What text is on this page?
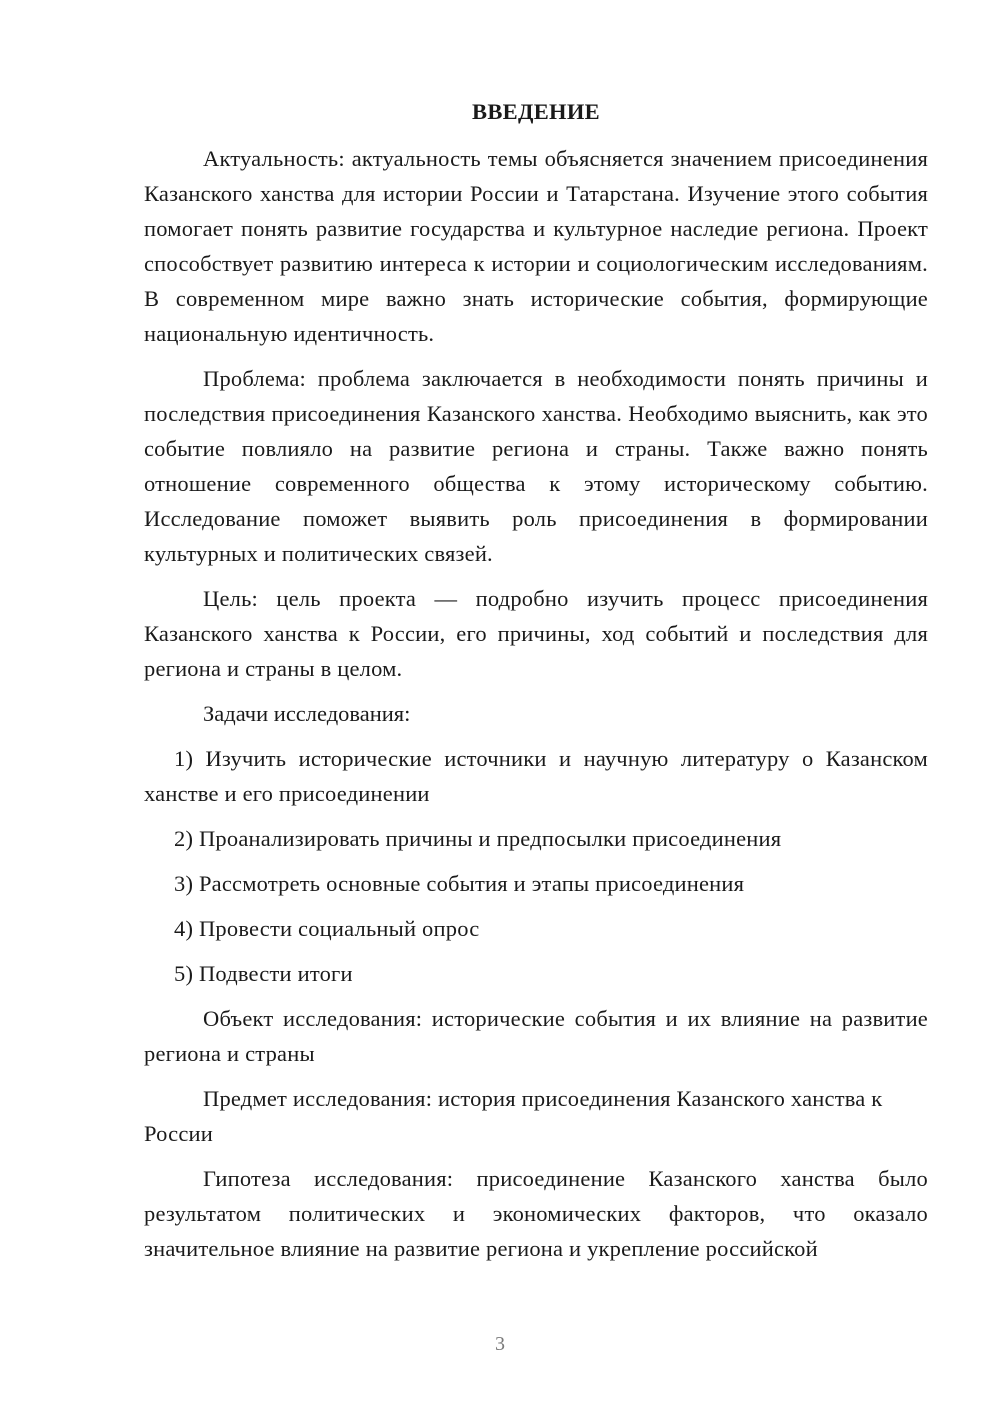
ВВЕДЕНИЕ

Актуальность: актуальность темы объясняется значением присоединения Казанского ханства для истории России и Татарстана. Изучение этого события помогает понять развитие государства и культурное наследие региона. Проект способствует развитию интереса к истории и социологическим исследованиям. В современном мире важно знать исторические события, формирующие национальную идентичность.

Проблема: проблема заключается в необходимости понять причины и последствия присоединения Казанского ханства. Необходимо выяснить, как это событие повлияло на развитие региона и страны. Также важно понять отношение современного общества к этому историческому событию. Исследование поможет выявить роль присоединения в формировании культурных и политических связей.

Цель: цель проекта — подробно изучить процесс присоединения Казанского ханства к России, его причины, ход событий и последствия для региона и страны в целом.

Задачи исследования:

1) Изучить исторические источники и научную литературу о Казанском ханстве и его присоединении

2) Проанализировать причины и предпосылки присоединения

3) Рассмотреть основные события и этапы присоединения

4) Провести социальный опрос

5) Подвести итоги

Объект исследования: исторические события и их влияние на развитие региона и страны

Предмет исследования: история присоединения Казанского ханства к России

Гипотеза исследования: присоединение Казанского ханства было результатом политических и экономических факторов, что оказало значительное влияние на развитие региона и укрепление российской

3
